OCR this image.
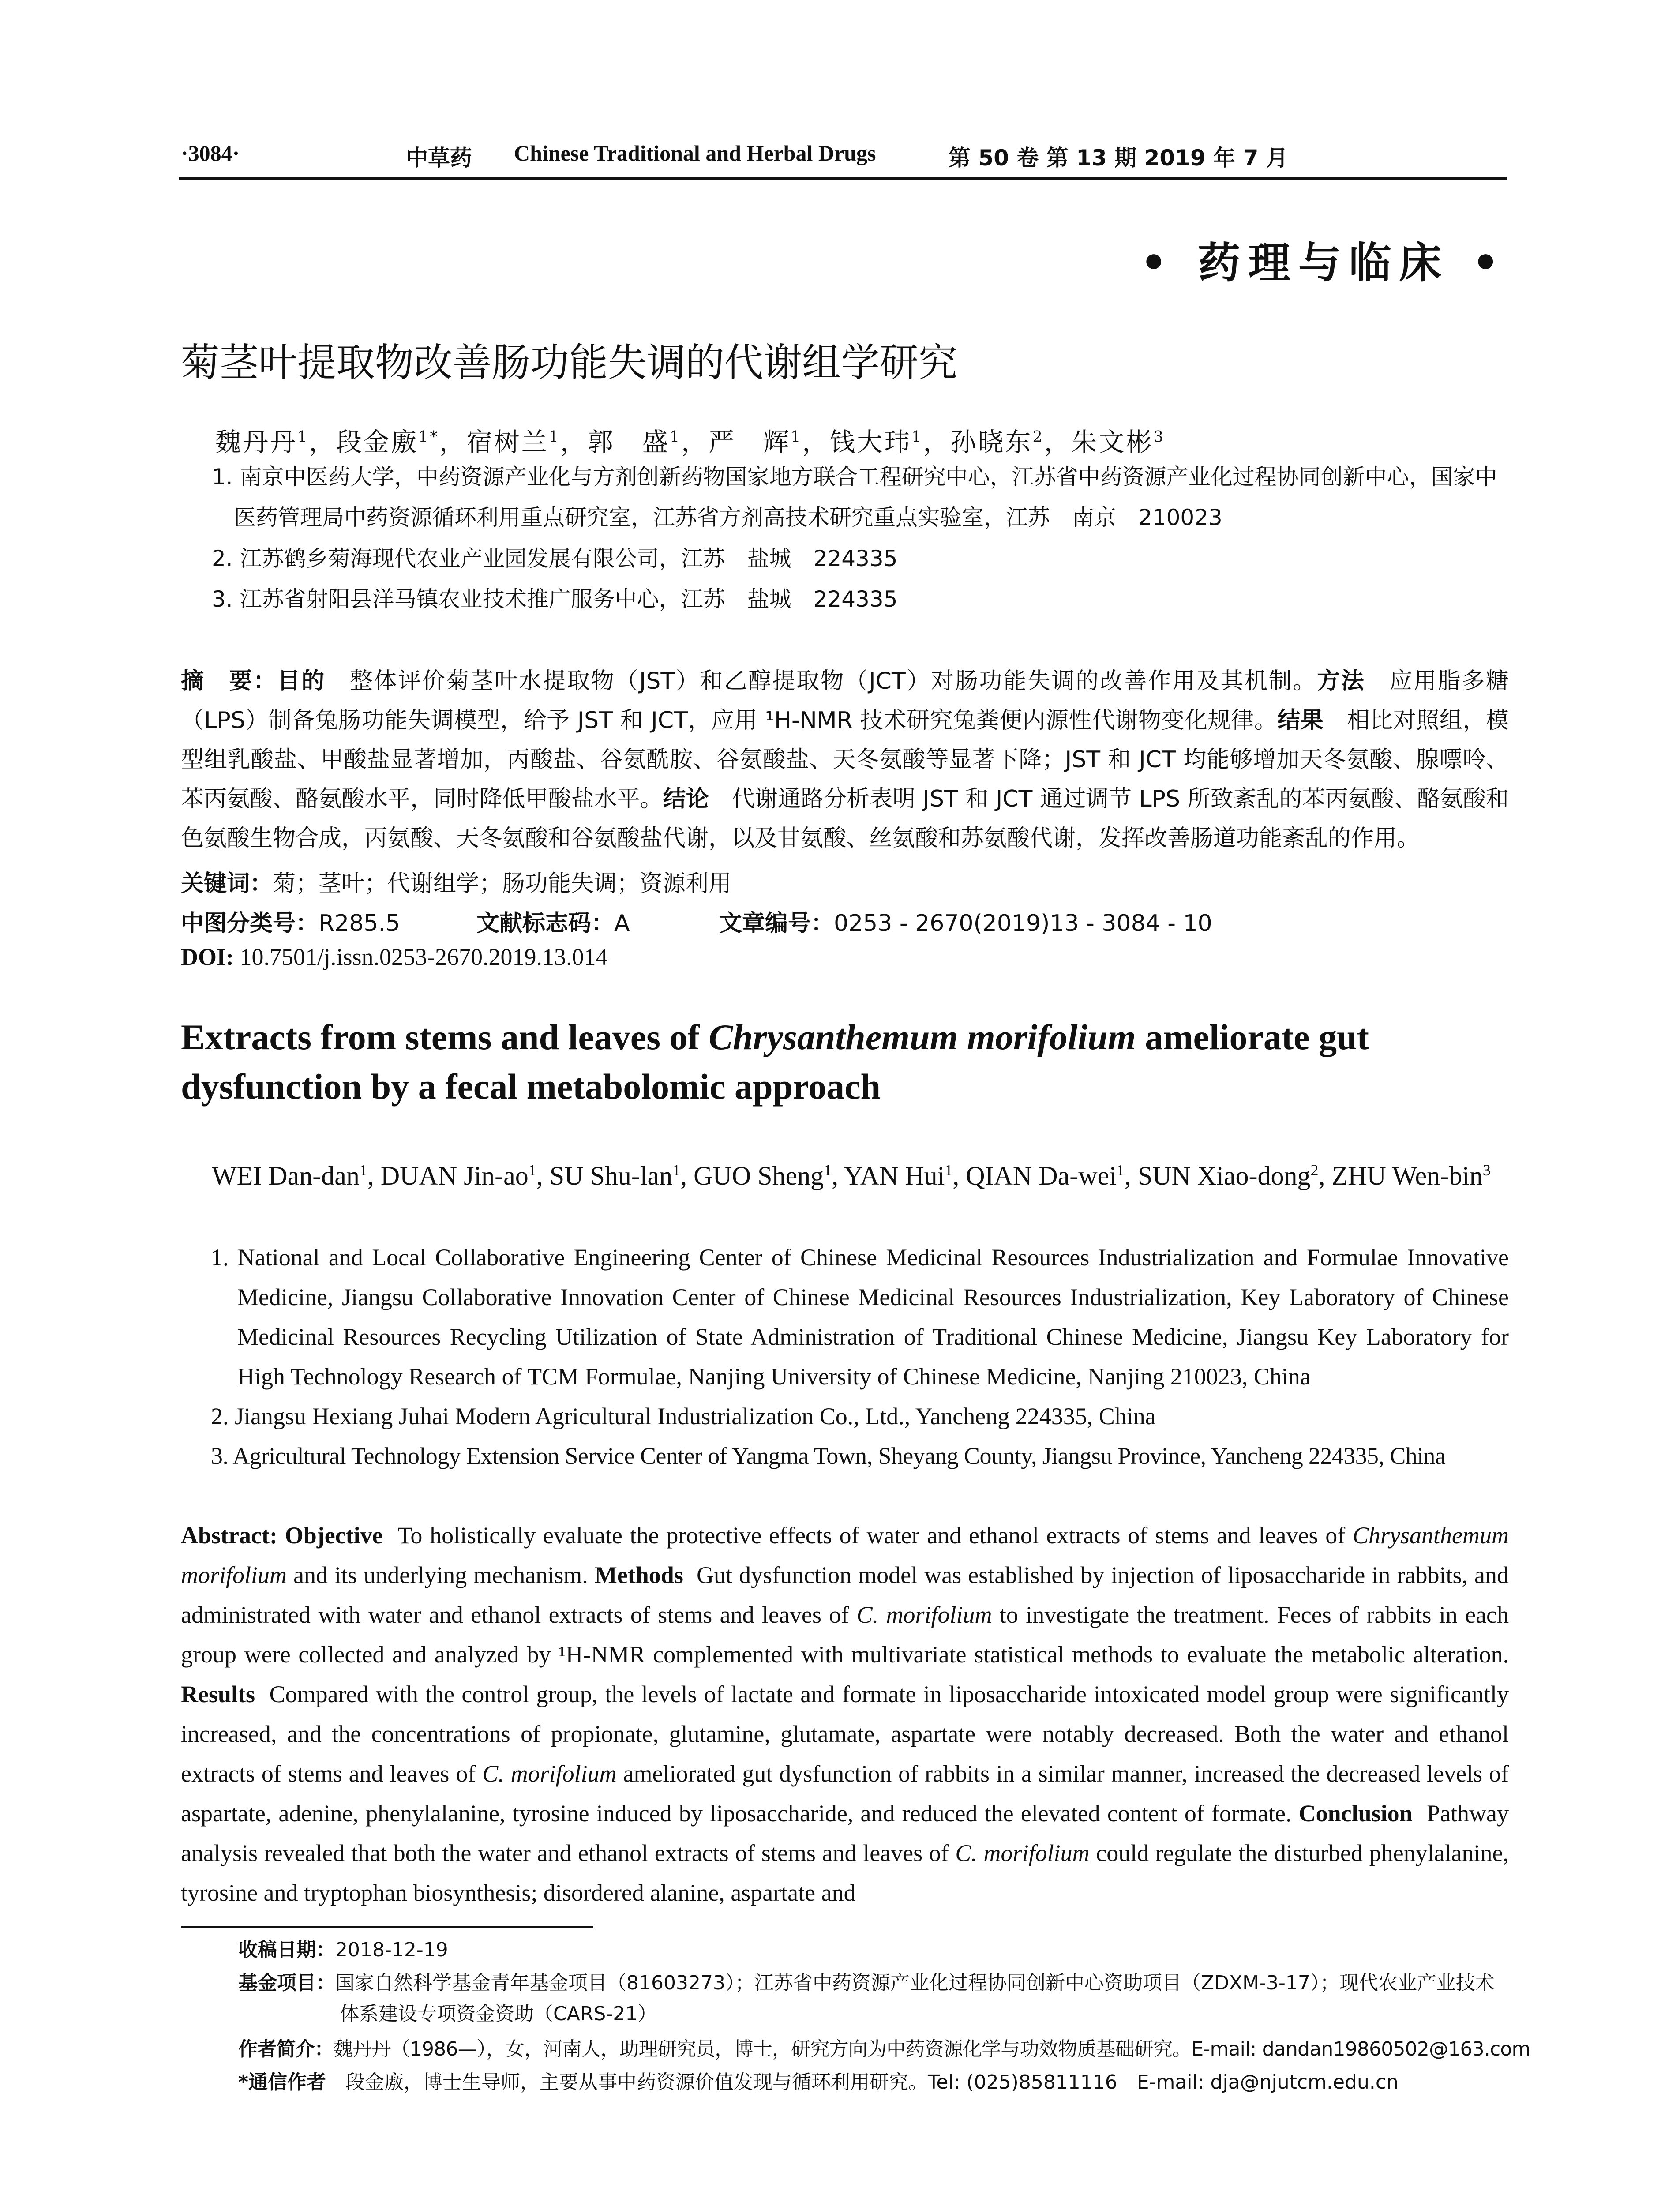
·3084·	中草药 Chinese Traditional and Herbal Drugs	第 50 卷 第 13 期 2019 年 7 月
• 药理与临床 •
菊茎叶提取物改善肠功能失调的代谢组学研究
魏丹丹$^1$，段金廒$^{1*}$，宿树兰$^1$，郭　盛$^1$，严　辉$^1$，钱大玮$^1$，孙晓东$^2$，朱文彬$^3$
1. 南京中医药大学，中药资源产业化与方剂创新药物国家地方联合工程研究中心，江苏省中药资源产业化过程协同创新中心，国家中医药管理局中药资源循环利用重点研究室，江苏省方剂高技术研究重点实验室，江苏　南京　210023
2. 江苏鹤乡菊海现代农业产业园发展有限公司，江苏　盐城　224335
3. 江苏省射阳县洋马镇农业技术推广服务中心，江苏　盐城　224335
摘　要：目的　 整体评价菊茎叶水提取物（JST）和乙醇提取物（JCT）对肠功能失调的改善作用及其机制。方法　 应用脂多糖（LPS）制备兔肠功能失调模型，给予 JST 和 JCT，应用 ¹H-NMR 技术研究兔粪便内源性代谢物变化规律。结果　 相比对照组，模型组乳酸盐、甲酸盐显著增加，丙酸盐、谷氨酰胺、谷氨酸盐、天冬氨酸等显著下降；JST 和 JCT 均能够增加天冬氨酸、腺嘌呤、苯丙氨酸、酪氨酸水平，同时降低甲酸盐水平。结论　 代谢通路分析表明 JST 和 JCT 通过调节 LPS 所致紊乱的苯丙氨酸、酪氨酸和色氨酸生物合成，丙氨酸、天冬氨酸和谷氨酸盐代谢，以及甘氨酸、丝氨酸和苏氨酸代谢，发挥改善肠道功能紊乱的作用。
关键词：菊；茎叶；代谢组学；肠功能失调；资源利用
中图分类号：R285.5	文献标志码：A	文章编号：0253 - 2670(2019)13 - 3084 - 10
DOI: 10.7501/j.issn.0253-2670.2019.13.014
Extracts from stems and leaves of Chrysanthemum morifolium ameliorate gut dysfunction by a fecal metabolomic approach
WEI Dan-dan$^1$, DUAN Jin-$ao^1$, SU Shu-lan$^1$, GUO Sheng$^1$, YAN Hui$^1$, QIAN Da-wei$^1$, SUN Xiao-dong$^2$, ZHU Wen-bin$^3$
1. National and Local Collaborative Engineering Center of Chinese Medicinal Resources Industrialization and Formulae Innovative Medicine, Jiangsu Collaborative Innovation Center of Chinese Medicinal Resources Industrialization, Key Laboratory of Chinese Medicinal Resources Recycling Utilization of State Administration of Traditional Chinese Medicine, Jiangsu Key Laboratory for High Technology Research of TCM Formulae, Nanjing University of Chinese Medicine, Nanjing 210023, China
2. Jiangsu Hexiang Juhai Modern Agricultural Industrialization Co., Ltd., Yancheng 224335, China
3. Agricultural Technology Extension Service Center of Yangma Town, Sheyang County, Jiangsu Province, Yancheng 224335, China
Abstract: Objective To holistically evaluate the protective effects of water and ethanol extracts of stems and leaves of Chrysanthemum morifolium and its underlying mechanism. Methods Gut dysfunction model was established by injection of liposaccharide in rabbits, and administrated with water and ethanol extracts of stems and leaves of C. morifolium to investigate the treatment. Feces of rabbits in each group were collected and analyzed by ¹H-NMR complemented with multivariate statistical methods to evaluate the metabolic alteration. Results Compared with the control group, the levels of lactate and formate in liposaccharide intoxicated model group were significantly increased, and the concentrations of propionate, glutamine, glutamate, aspartate were notably decreased. Both the water and ethanol extracts of stems and leaves of C. morifolium ameliorated gut dysfunction of rabbits in a similar manner, increased the decreased levels of aspartate, adenine, phenylalanine, tyrosine induced by liposaccharide, and reduced the elevated content of formate. Conclusion Pathway analysis revealed that both the water and ethanol extracts of stems and leaves of C. morifolium could regulate the disturbed phenylalanine, tyrosine and tryptophan biosynthesis; disordered alanine, aspartate and
收稿日期：2018-12-19
基金项目：国家自然科学基金青年基金项目（81603273）；江苏省中药资源产业化过程协同创新中心资助项目（ZDXM-3-17）；现代农业产业技术体系建设专项资金资助（CARS-21）
作者简介：魏丹丹（1986—），女，河南人，助理研究员，博士，研究方向为中药资源化学与功效物质基础研究。E-mail: dandan19860502@163.com
*通信作者　 段金廒，博士生导师，主要从事中药资源价值发现与循环利用研究。Tel: (025)85811116　E-mail: dja@njutcm.edu.cn
